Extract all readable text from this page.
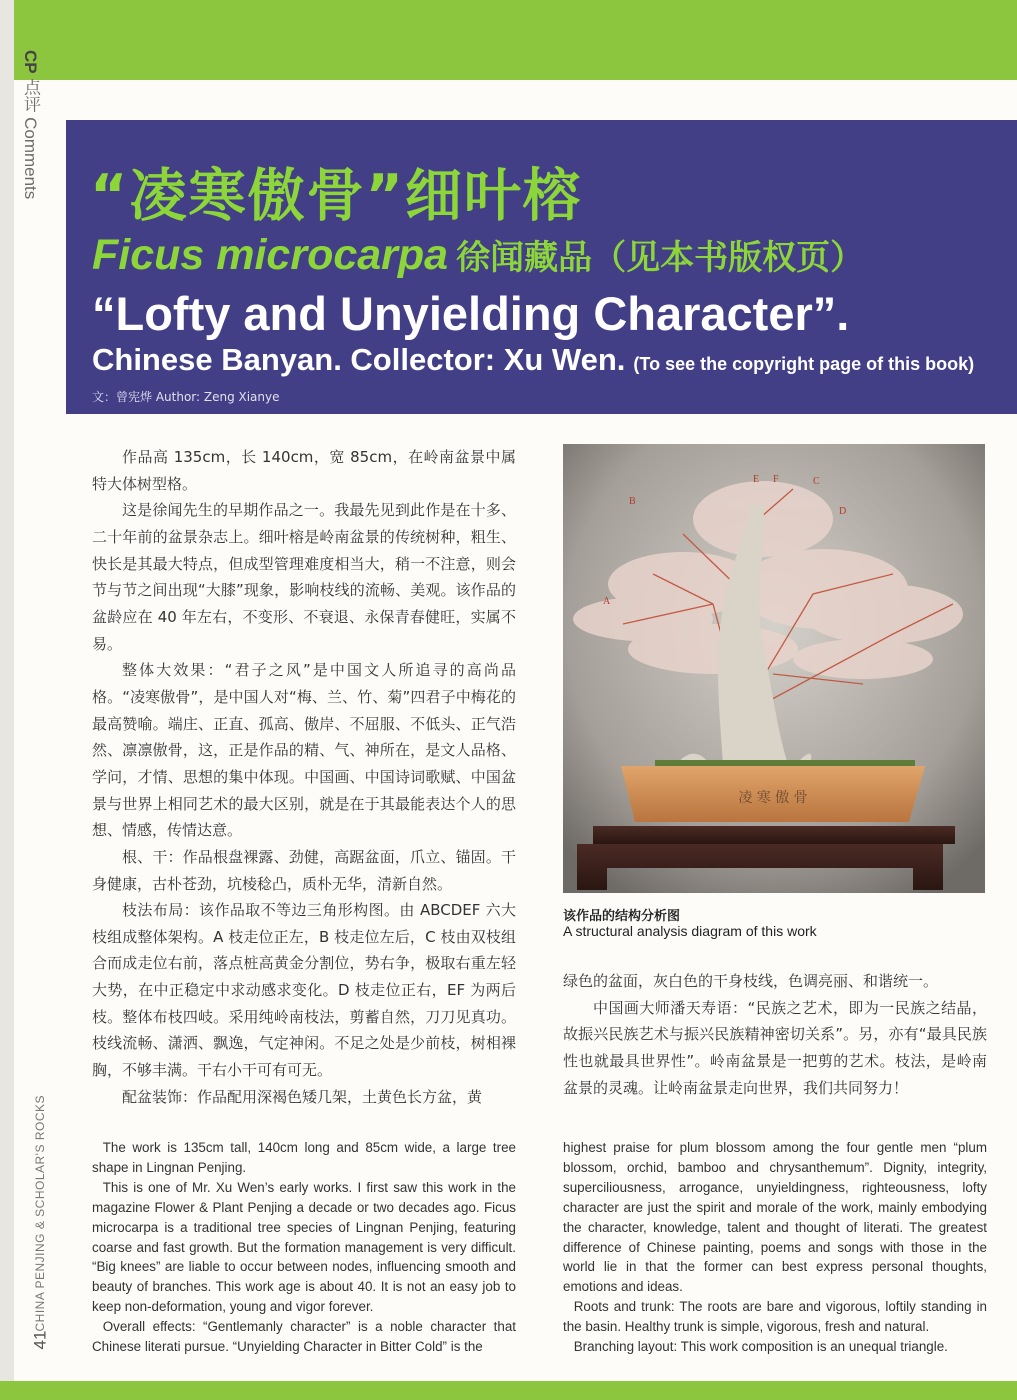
CP 点评 Comments “凌寒傲骨”细叶榕
Ficus microcarpa 徐闻藏品（见本书版权页）
“Lofty and Unyielding Character”.
Chinese Banyan. Collector: Xu Wen. (To see the copyright page of this book)
文：曾宪烨 Author: Zeng Xianye

作品高 135cm，长 140cm，宽 85cm，在岭南盆景中属特大体树型格。

这是徐闻先生的早期作品之一。我最先见到此作是在十多、二十年前的盆景杂志上。细叶榕是岭南盆景的传统树种，粗生、快长是其最大特点，但成型管理难度相当大，稍一不注意，则会节与节之间出现“大膝”现象，影响枝线的流畅、美观。该作品的盆龄应在 40 年左右，不变形、不衰退、永保青春健旺，实属不易。

整体大效果：“君子之风”是中国文人所追寻的高尚品格。“凌寒傲骨”，是中国人对“梅、兰、竹、菊”四君子中梅花的最高赞喻。端庄、正直、孤高、傲岸、不屈服、不低头、正气浩然、凛凛傲骨，这，正是作品的精、气、神所在，是文人品格、学问，才情、思想的集中体现。中国画、中国诗词歌赋、中国盆景与世界上相同艺术的最大区别，就是在于其最能表达个人的思想、情感，传情达意。

根、干：作品根盘裸露、劲健，高踞盆面，爪立、锚固。干身健康，古朴苍劲，坑棱稔凸，质朴无华，清新自然。

枝法布局：该作品取不等边三角形构图。由 ABCDEF 六大枝组成整体架构。A 枝走位正左，B 枝走位左后，C 枝由双枝组合而成走位右前，落点桩高黄金分割位，势右争，极取右重左轻大势，在中正稳定中求动感求变化。D 枝走位正右，EF 为两后枝。整体布枝四岐。采用纯岭南枝法，剪蓄自然，刀刀见真功。枝线流畅、潇洒、飘逸，气定神闲。不足之处是少前枝，树相裸胸，不够丰满。干右小干可有可无。

配盆装饰：作品配用深褐色矮几架，土黄色长方盆，黄

凌 寒 傲 骨
A
B
C
D
E F
该作品的结构分析图
A structural analysis diagram of this work

绿色的盆面，灰白色的干身枝线，色调亮丽、和谐统一。

中国画大师潘天寿语：“民族之艺术，即为一民族之结晶，故振兴民族艺术与振兴民族精神密切关系”。另，亦有“最具民族性也就最具世界性”。岭南盆景是一把剪的艺术。枝法，是岭南盆景的灵魂。让岭南盆景走向世界，我们共同努力！

The work is 135cm tall, 140cm long and 85cm wide, a large tree shape in Lingnan Penjing.

This is one of Mr. Xu Wen’s early works. I first saw this work in the magazine Flower & Plant Penjing a decade or two decades ago. Ficus microcarpa is a traditional tree species of Lingnan Penjing, featuring coarse and fast growth. But the formation management is very difficult. “Big knees” are liable to occur between nodes, influencing smooth and beauty of branches. This work age is about 40. It is not an easy job to keep non-deformation, young and vigor forever.

Overall effects: “Gentlemanly character” is a noble character that Chinese literati pursue. “Unyielding Character in Bitter Cold” is the

highest praise for plum blossom among the four gentle men “plum blossom, orchid, bamboo and chrysanthemum”. Dignity, integrity, superciliousness, arrogance, unyieldingness, righteousness, lofty character are just the spirit and morale of the work, mainly embodying the character, knowledge, talent and thought of literati. The greatest difference of Chinese painting, poems and songs with those in the world lie in that the former can best express personal thoughts, emotions and ideas.

Roots and trunk: The roots are bare and vigorous, loftily standing in the basin. Healthy trunk is simple, vigorous, fresh and natural.

Branching layout: This work composition is an unequal triangle.

CHINA PENJING & SCHOLAR'S ROCKS
41
